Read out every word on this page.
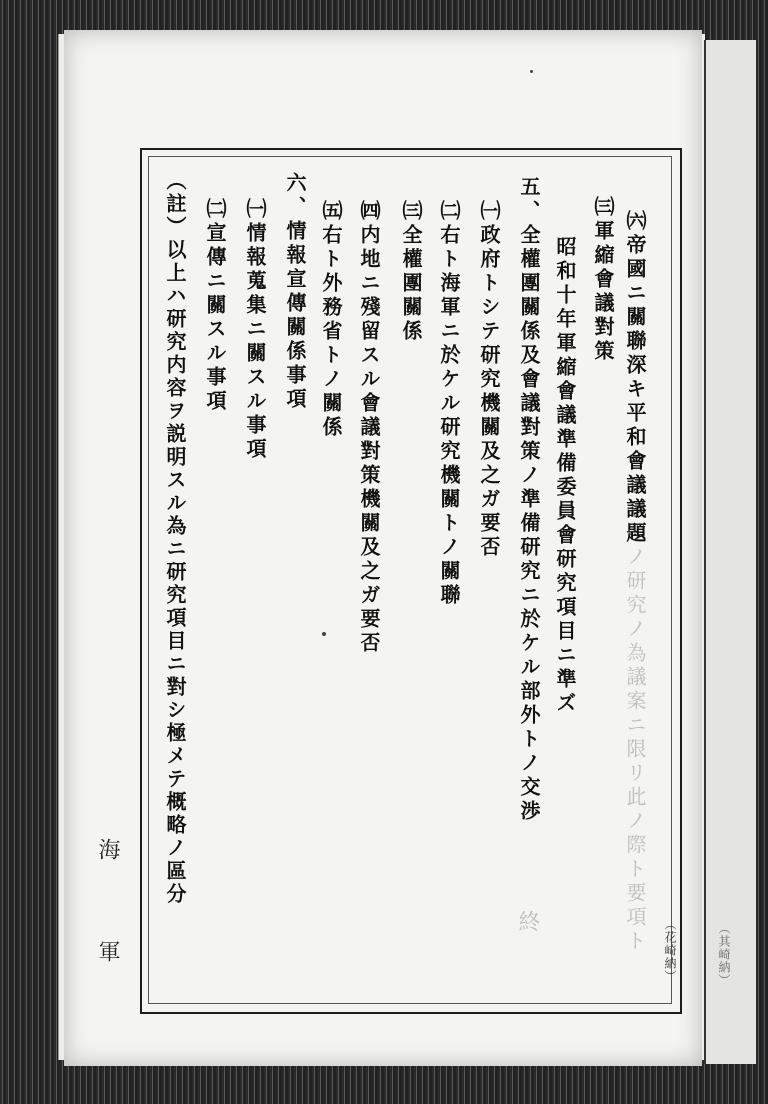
㈥帝國ニ關聯深キ平和會議議題ノ研究ノ為議案ニ限リ此ノ際ト要項ト
㈢軍縮會議對策
昭和十年軍縮會議準備委員會研究項目ニ準ズ
五、全權團關係及會議對策ノ準備研究ニ於ケル部外トノ交渉
㈠政府トシテ研究機關及之ガ要否
㈡右ト海軍ニ於ケル研究機關トノ關聯
㈢全權團關係
㈣内地ニ殘留スル會議對策機關及之ガ要否
㈤右ト外務省トノ關係
六、情報宣傳關係事項
㈠情報蒐集ニ關スル事項
㈡宣傳ニ關スル事項
（註）以上ハ研究内容ヲ説明スル為ニ研究項目ニ對シ極メテ概略ノ區分
終
海
軍	（花崎納）	（其崎納）
